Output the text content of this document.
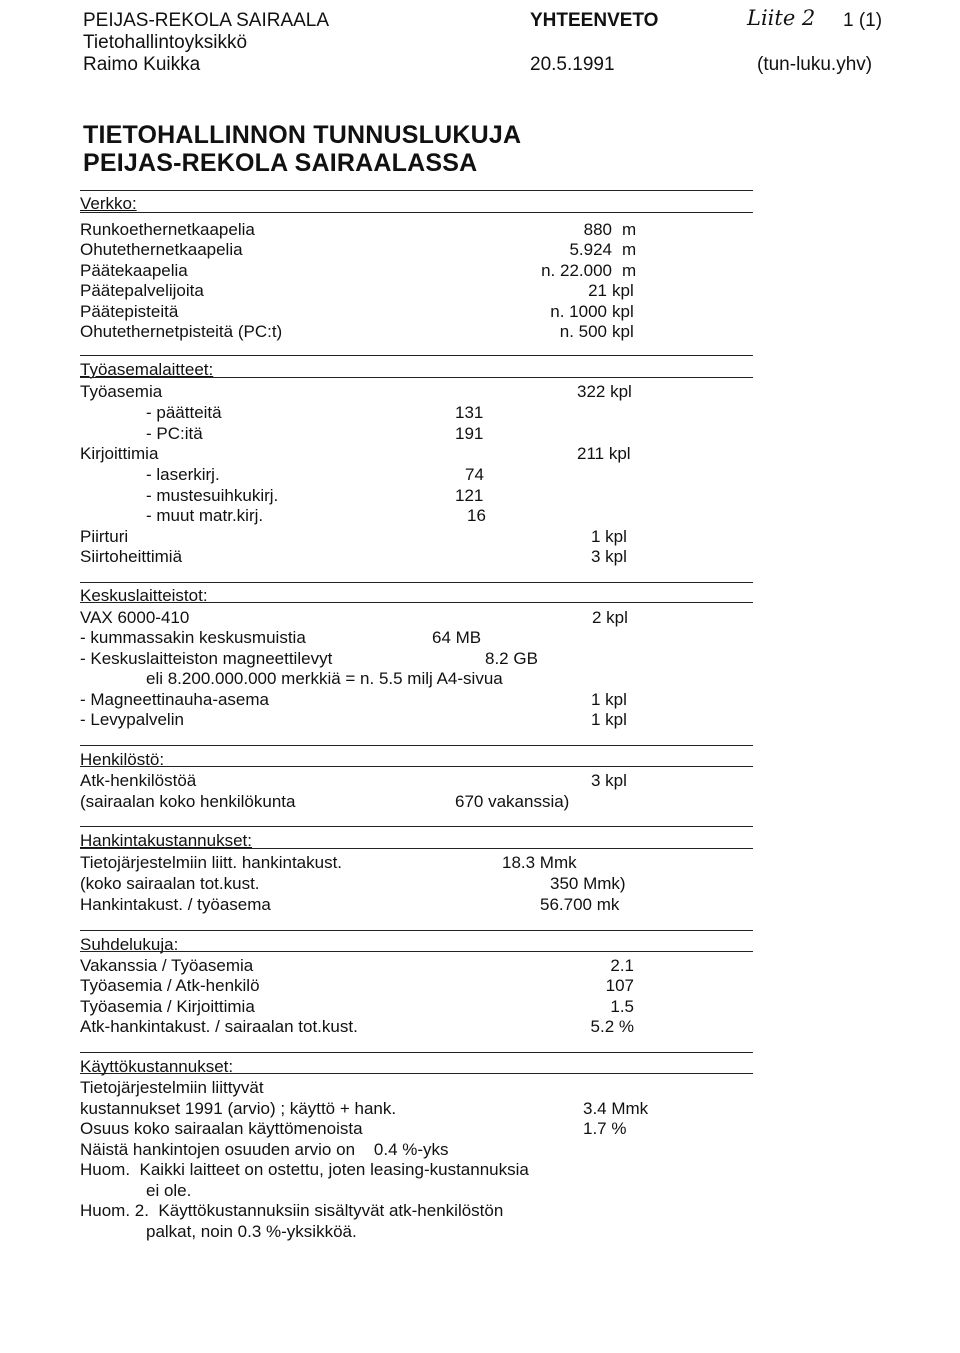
PEIJAS-REKOLA SAIRAALA
Tietohallintoyksikkö
Raimo Kuikka
YHTEENVETO	Liite 2 1 (1)
20.5.1991	(tun-luku.yhv)
TIETOHALLINNON TUNNUSLUKUJA
PEIJAS-REKOLA SAIRAALASSA
Verkko:
Runkoethernetkaapelia	880 m
Ohutethernetkaapelia	5.924 m
Päätekaapelia	n. 22.000 m
Päätepalvelijoita	21 kpl
Päätepisteitä	n. 1000 kpl
Ohutethernetpisteitä (PC:t)	n. 500 kpl
Työasemalaitteet:
Työasemia	322 kpl
- päätteitä	131
- PC:itä	191
Kirjoittimia	211 kpl
- laserkirj.	74
- mustesuihkukirj.	121
- muut matr.kirj.	16
Piirturi	1 kpl
Siirtoheittimiä	3 kpl
Keskuslaitteistot:
VAX 6000-410	2 kpl
- kummassakin keskusmuistia	64 MB
- Keskuslaitteiston magneettilevyt	8.2 GB
eli 8.200.000.000 merkkiä = n. 5.5 milj A4-sivua
- Magneettinauha-asema	1 kpl
- Levypalvelin	1 kpl
Henkilöstö:
Atk-henkilöstöä	3 kpl
(sairaalan koko henkilökunta	670 vakanssia)
Hankintakustannukset:
Tietojärjestelmiin liitt. hankintakust.	18.3 Mmk
(koko sairaalan tot.kust.	350 Mmk)
Hankintakust. / työasema	56.700 mk
Suhdelukuja:
Vakanssia / Työasemia	2.1
Työasemia / Atk-henkilö	107
Työasemia / Kirjoittimia	1.5
Atk-hankintakust. / sairaalan tot.kust.	5.2 %
Käyttökustannukset:
Tietojärjestelmiin liittyvät
kustannukset 1991 (arvio) ; käyttö + hank.	3.4 Mmk
Osuus koko sairaalan käyttömenoista	1.7 %
Näistä hankintojen osuuden arvio on    0.4 %-yks
Huom.  Kaikki laitteet on ostettu, joten leasing-kustannuksia
ei ole.
Huom. 2.  Käyttökustannuksiin sisältyvät atk-henkilöstön
palkat, noin 0.3 %-yksikköä.
